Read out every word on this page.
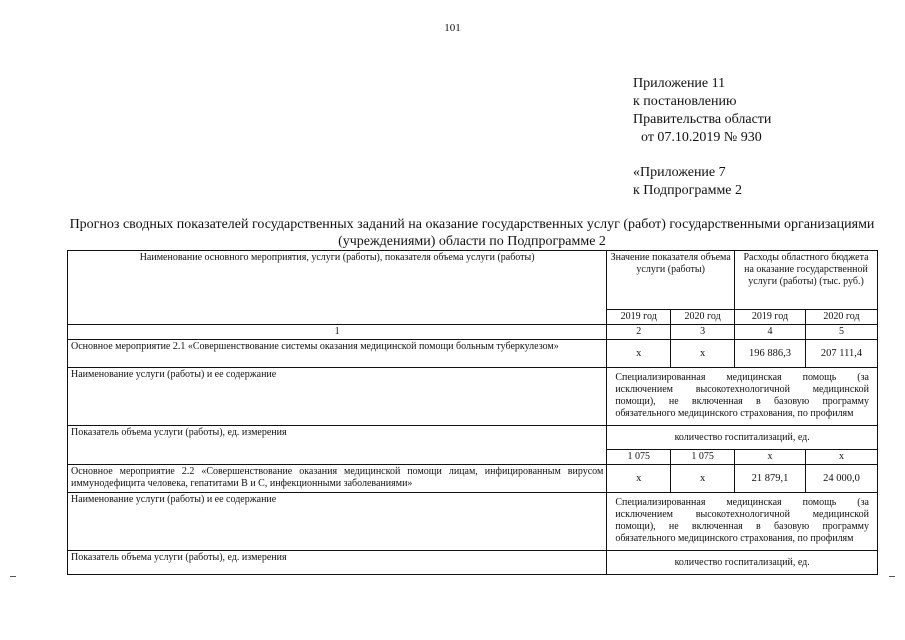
101
Приложение 11
к постановлению
Правительства области
от 07.10.2019 № 930
«Приложение 7
к Подпрограмме 2
Прогноз сводных показателей государственных заданий на оказание государственных услуг (работ) государственными организациями (учреждениями) области по Подпрограмме 2
Наименование основного мероприятия, услуги (работы), показателя объема услуги (работы)	Значение показателя объема услуги (работы)		Расходы областного бюджета на оказание государственной услуги (работы) (тыс. руб.)	
	2019 год	2020 год	2019 год	2020 год
1	2	3	4	5
Основное мероприятие 2.1 «Совершенствование системы оказания медицинской помощи больным туберкулезом»	х	х	196 886,3	207 111,4
Наименование услуги (работы) и ее содержание	Специализированная медицинская помощь (за исключением высокотехнологичной медицинской помощи), не включенная в базовую программу обязательного медицинского страхования, по профилям			
Показатель объема услуги (работы), ед. измерения	количество госпитализаций, ед.			
	1 075	1 075	х	х
Основное мероприятие 2.2 «Совершенствование оказания медицинской помощи лицам, инфицированным вирусом иммунодефицита человека, гепатитами В и С, инфекционными заболеваниями»	х	х	21 879,1	24 000,0
Наименование услуги (работы) и ее содержание	Специализированная медицинская помощь (за исключением высокотехнологичной медицинской помощи), не включенная в базовую программу обязательного медицинского страхования, по профилям			
Показатель объема услуги (работы), ед. измерения	количество госпитализаций, ед.			
